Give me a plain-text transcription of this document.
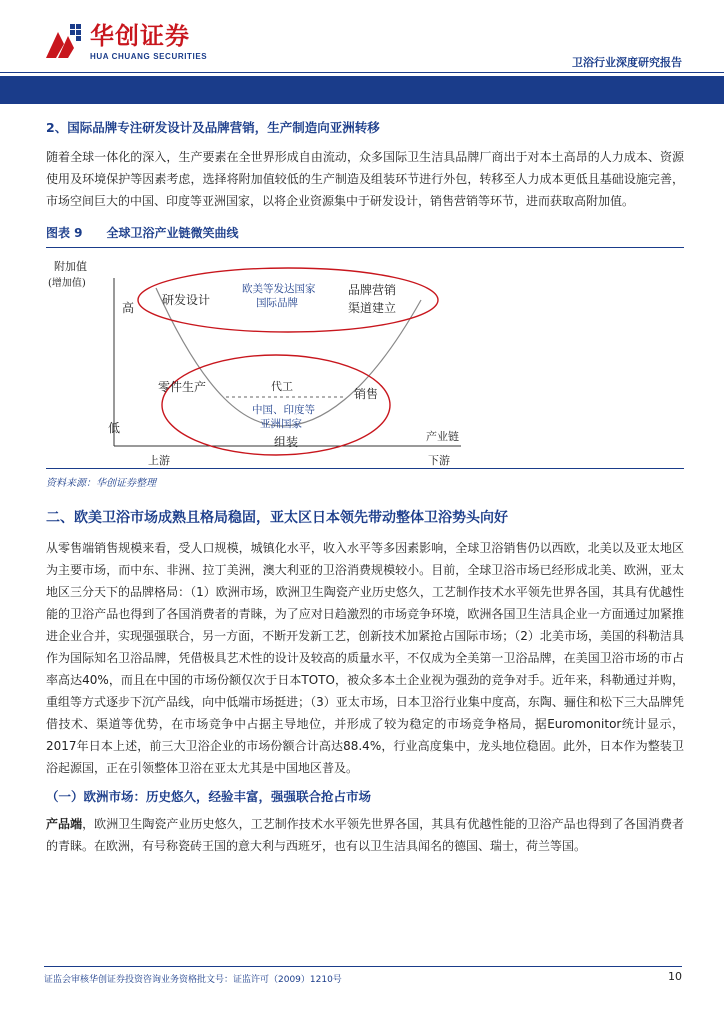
华创证券
HUA CHUANG SECURITIES	卫浴行业深度研究报告
2、国际品牌专注研发设计及品牌营销，生产制造向亚洲转移

随着全球一体化的深入，生产要素在全世界形成自由流动，众多国际卫生洁具品牌厂商出于对本土高昂的人力成本、资源使用及环境保护等因素考虑，选择将附加值较低的生产制造及组装环节进行外包，转移至人力成本更低且基础设施完善，市场空间巨大的中国、印度等亚洲国家，以将企业资源集中于研发设计，销售营销等环节，进而获取高附加值。

图表 9 全球卫浴产业链微笑曲线
附加值
(增加值)
高
低
产业链
上游	下游
研发设计
欧美等发达国家
国际品牌
品牌营销
渠道建立
零件生产	代工
中国、印度等
亚洲国家
销售
组装
资料来源：华创证券整理
二、欧美卫浴市场成熟且格局稳固，亚太区日本领先带动整体卫浴势头向好

从零售端销售规模来看，受人口规模，城镇化水平，收入水平等多因素影响，全球卫浴销售仍以西欧，北美以及亚太地区为主要市场，而中东、非洲、拉丁美洲，澳大利亚的卫浴消费规模较小。目前，全球卫浴市场已经形成北美、欧洲，亚太地区三分天下的品牌格局：（1）欧洲市场，欧洲卫生陶瓷产业历史悠久，工艺制作技术水平领先世界各国，其具有优越性能的卫浴产品也得到了各国消费者的青睐，为了应对日趋激烈的市场竞争环境，欧洲各国卫生洁具企业一方面通过加紧推进企业合并，实现强强联合，另一方面，不断开发新工艺，创新技术加紧抢占国际市场；（2）北美市场，美国的科勒洁具作为国际知名卫浴品牌，凭借极具艺术性的设计及较高的质量水平，不仅成为全美第一卫浴品牌，在美国卫浴市场的市占率高达40%，而且在中国的市场份额仅次于日本TOTO，被众多本土企业视为强劲的竞争对手。近年来，科勒通过并购，重组等方式逐步下沉产品线，向中低端市场挺进；（3）亚太市场，日本卫浴行业集中度高，东陶、骊住和松下三大品牌凭借技术、渠道等优势，在市场竞争中占据主导地位，并形成了较为稳定的市场竞争格局，据Euromonitor统计显示，2017年日本上述，前三大卫浴企业的市场份额合计高达88.4%，行业高度集中，龙头地位稳固。此外，日本作为整装卫浴起源国，正在引领整体卫浴在亚太尤其是中国地区普及。

（一）欧洲市场：历史悠久，经验丰富，强强联合抢占市场

产品端，欧洲卫生陶瓷产业历史悠久，工艺制作技术水平领先世界各国，其具有优越性能的卫浴产品也得到了各国消费者的青睐。在欧洲，有号称瓷砖王国的意大利与西班牙，也有以卫生洁具闻名的德国、瑞士，荷兰等国。

证监会审核华创证券投资咨询业务资格批文号：证监许可（2009）1210号	10
